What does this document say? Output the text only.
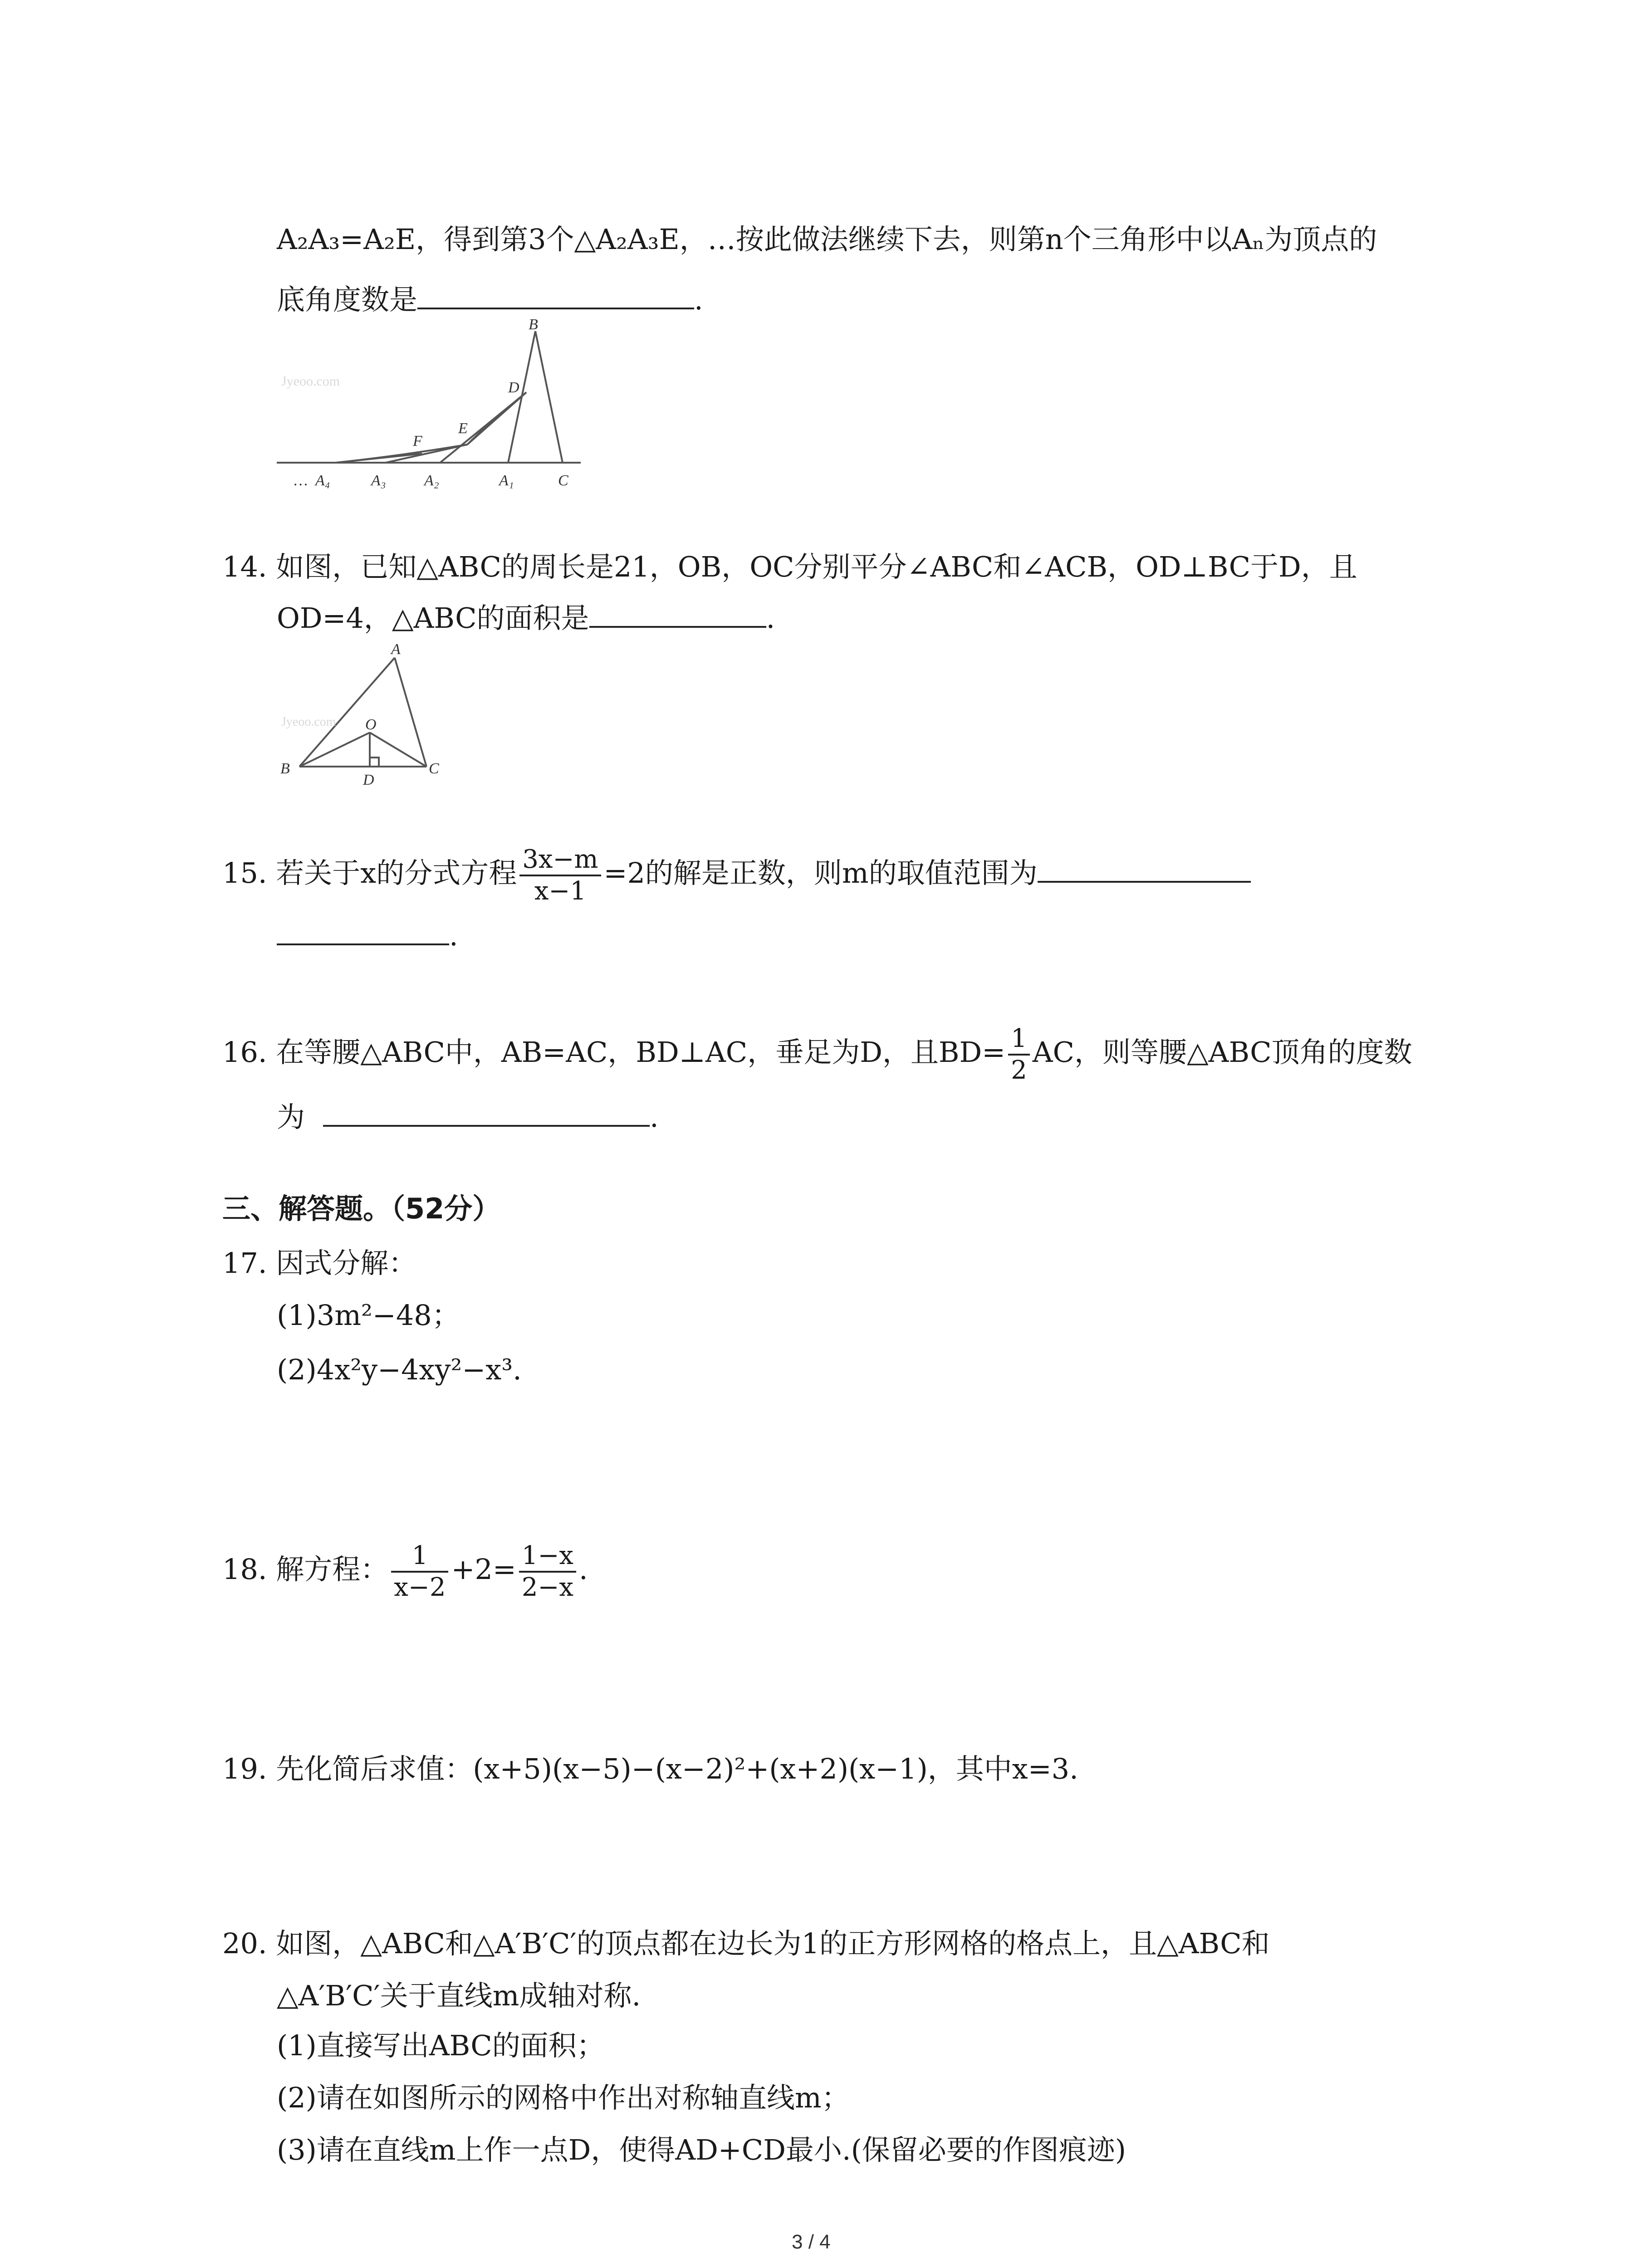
A₂A₃=A₂E，得到第3个△A₂A₃E，…按此做法继续下去，则第n个三角形中以Aₙ为顶点的
底角度数是	.
Jyeoo.com
B
D
E
F
… A₄	A₃ A₂	A₁	C
14. 如图，已知△ABC的周长是21，OB，OC分别平分∠ABC和∠ACB，OD⊥BC于D，且
OD=4，△ABC的面积是	.
Jyeoo.com
A
O
B
D
C
15. 若关于x的分式方程 $\frac{3x-m}{x-1} =2$的解是正数，则m的取值范围为
.
16. 在等腰△ABC中，AB=AC，BD⊥AC，垂足为D，且$BD= \frac{1}{2}$ AC，则等腰△ABC顶角的度数
为	.
三、解答题。（52分）
17. 因式分解：
(1)3m²−48；
(2)4x²y−4xy²−x³.
18. 解方程： $\frac{1}{x-2} +2= \frac{1-x}{2-x}$ .
19. 先化简后求值：(x+5)(x−5)−(x−2)²+(x+2)(x−1)，其中x=3.
20. 如图，△ABC和△A′B′C′的顶点都在边长为1的正方形网格的格点上，且△ABC和
△A′B′C′关于直线m成轴对称.
(1)直接写出ABC的面积；
(2)请在如图所示的网格中作出对称轴直线m；
(3)请在直线m上作一点D，使得AD+CD最小.(保留必要的作图痕迹)
3 / 4
